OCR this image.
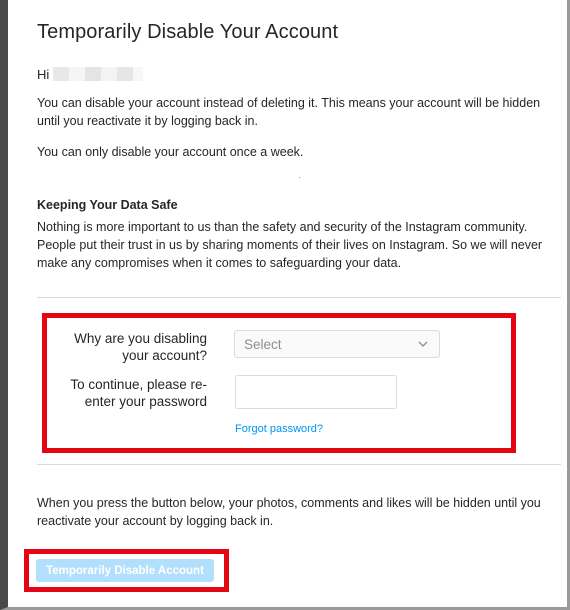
Temporarily Disable Your Account
Hi

You can disable your account instead of deleting it. This means your account will be hidden until you reactivate it by logging back in.

You can only disable your account once a week.

Keeping Your Data Safe

Nothing is more important to us than the safety and security of the Instagram community. People put their trust in us by sharing moments of their lives on Instagram. So we will never make any compromises when it comes to safeguarding your data.

Why are you disabling your account?
Select
To continue, please re-enter your password
Forgot password?

When you press the button below, your photos, comments and likes will be hidden until you reactivate your account by logging back in.

Temporarily Disable Account
